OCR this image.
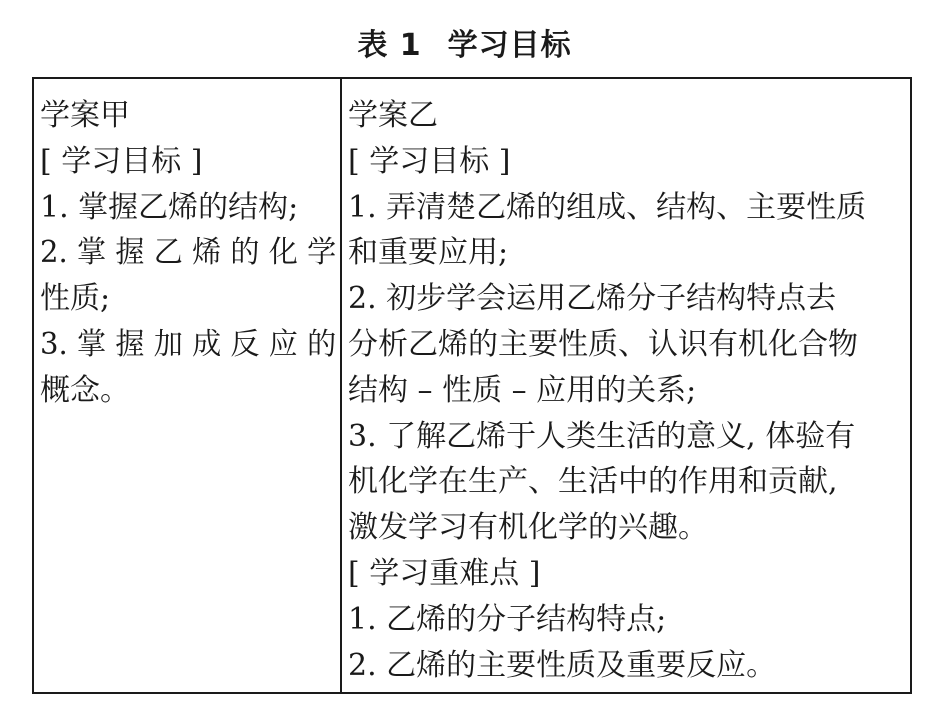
表 1 学习目标
学案甲
[ 学习目标 ]
1. 掌握乙烯的结构;
2. 掌 握 乙 烯 的 化 学
性质;
3. 掌 握 加 成 反 应 的
概念。
学案乙
[ 学习目标 ]
1. 弄清楚乙烯的组成、结构、主要性质
和重要应用;
2. 初步学会运用乙烯分子结构特点去
分析乙烯的主要性质、认识有机化合物
结构 – 性质 – 应用的关系;
3. 了解乙烯于人类生活的意义, 体验有
机化学在生产、生活中的作用和贡献,
激发学习有机化学的兴趣。
[ 学习重难点 ]
1. 乙烯的分子结构特点;
2. 乙烯的主要性质及重要反应。
